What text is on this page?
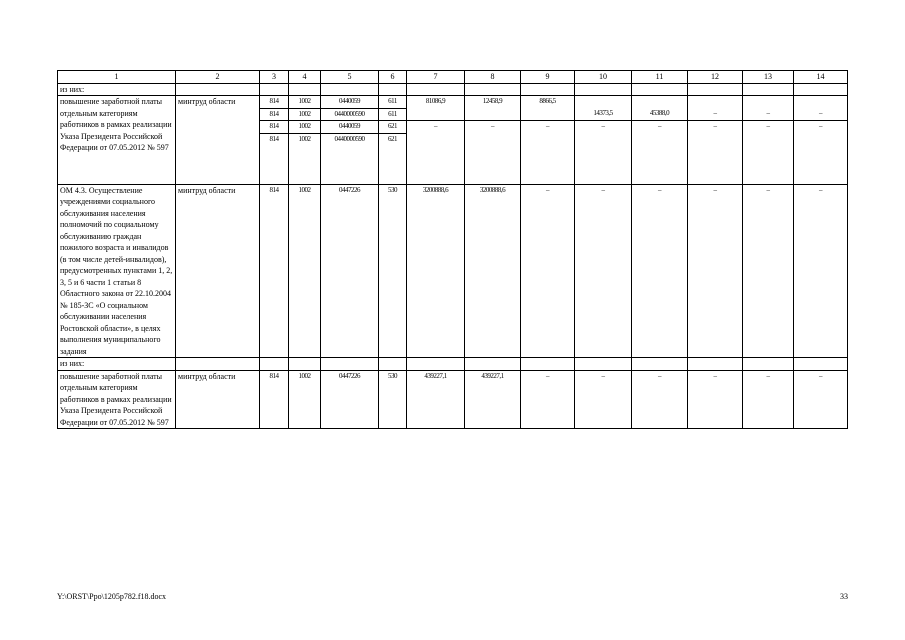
1	2	3	4	5	6	7	8	9	10	11	12	13	14
из них:													
повышение заработной платы отдельным категориям работников в рамках реализации Указа Президента Российской Федерации от 07.05.2012 № 597	минтруд области	814	1002	0440059	611	81086,9	12458,9	8866,5					
		814	1002	0440000590	611				14373,5	45388,0	–	–	–
		814	1002	0440059	621	–	–	–	–	–	–	–	–
		814	1002	0440000590	621								
ОМ 4.3. Осуществление учреждениями социального обслуживания населения полномочий по социальному обслуживанию граждан пожилого возраста и инвалидов (в том числе детей-инвалидов), предусмотренных пунктами 1, 2, 3, 5 и 6 части 1 статьи 8 Областного закона от 22.10.2004 № 185-ЗС «О социальном обслуживании населения Ростовской области», в целях выполнения муниципального задания	минтруд области	814	1002	0447226	530	3200888,6	3200888,6	–	–	–	–	–	–
из них:													
повышение заработной платы отдельным категориям работников в рамках реализации Указа Президента Российской Федерации от 07.05.2012 № 597	минтруд области	814	1002	0447226	530	439227,1	439227,1	–	–	–	–	–	–
Y:\ORST\Ppo\1205p782.f18.docx	33
